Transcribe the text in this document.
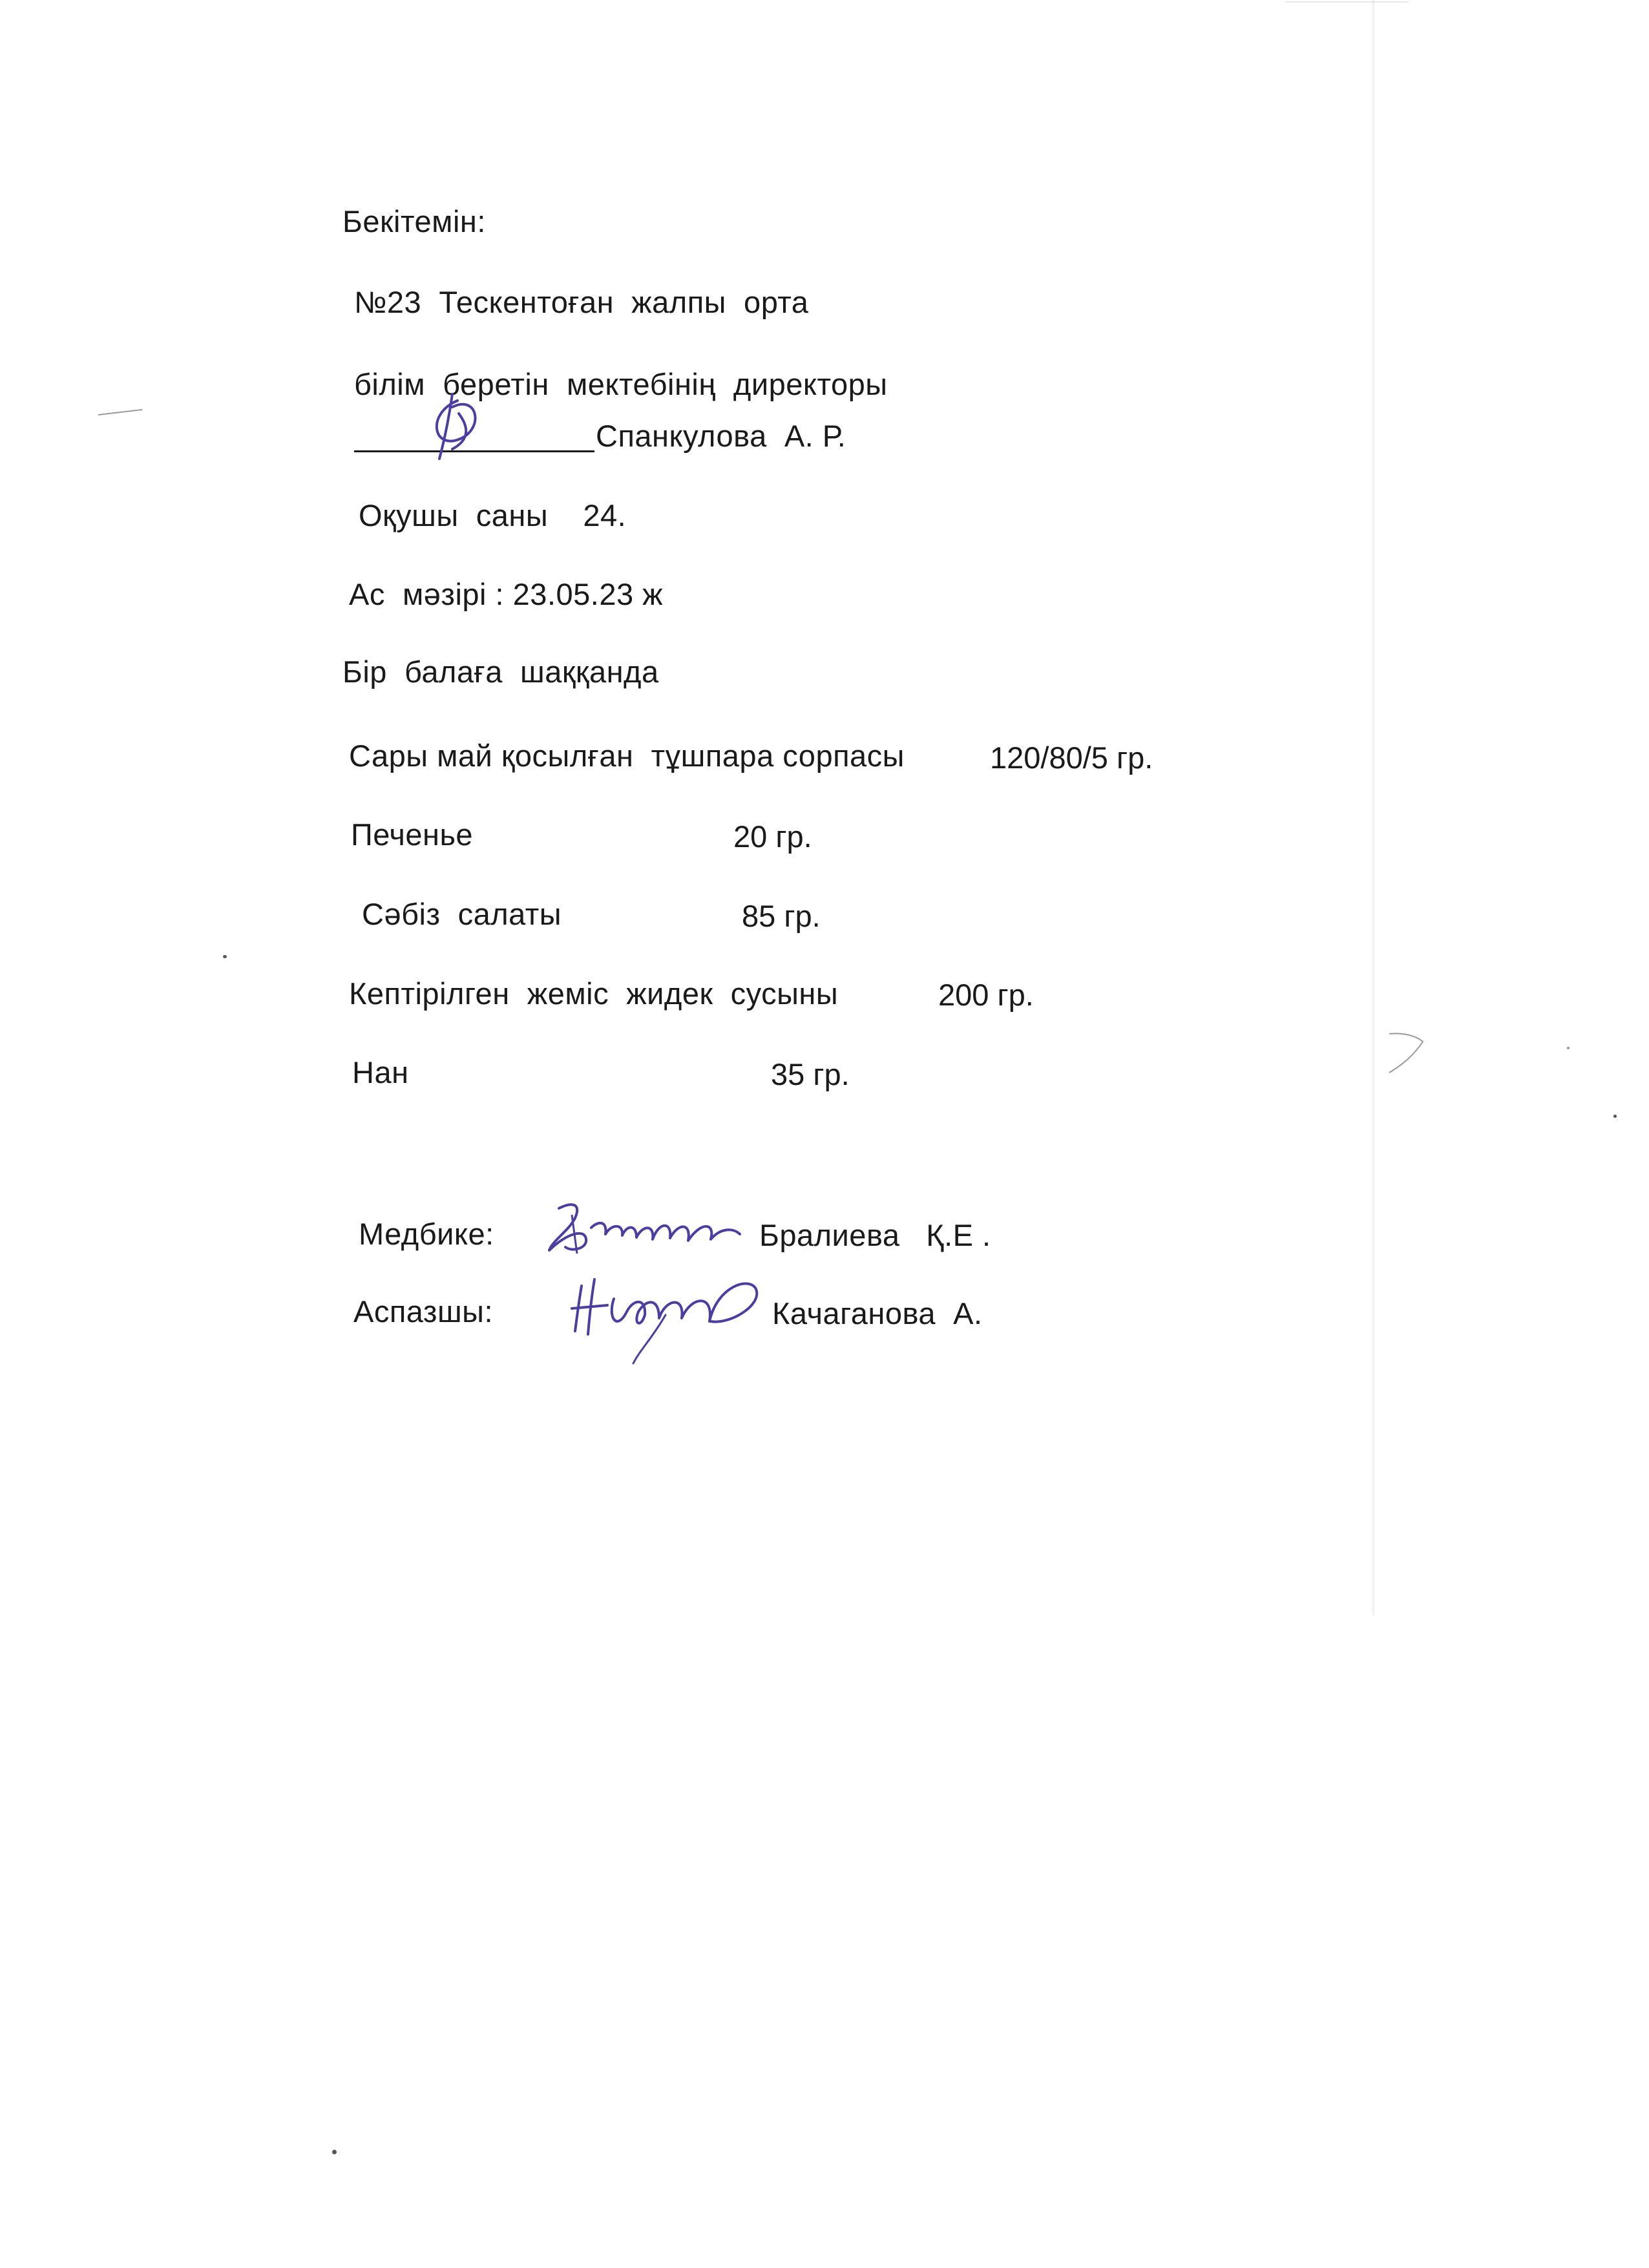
Бекітемін:
№23  Тескентоған  жалпы  орта
білім  беретін  мектебінің  директоры
Спанкулова  А. Р.
Оқушы  саны    24.
Ас  мәзірі : 23.05.23 ж
Бір  балаға  шаққанда
Сары май қосылған  тұшпара сорпасы	120/80/5 гр.
Печенье	20 гр.
Сәбіз  салаты	85 гр.
Кептірілген  жеміс  жидек  сусыны	200 гр.
Нан	35 гр.
Медбике:	Бралиева   Қ.Е .
Аспазшы:	Качаганова  А.
